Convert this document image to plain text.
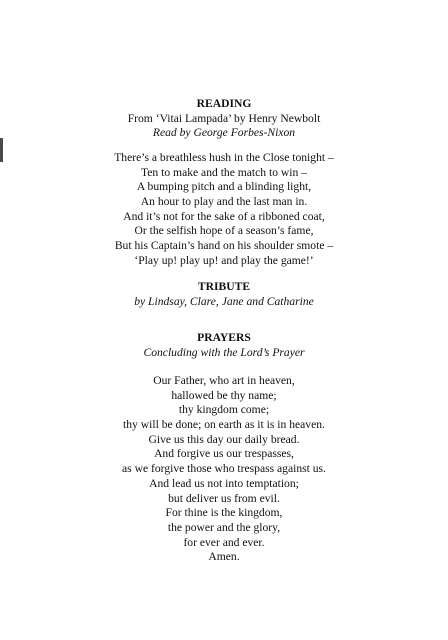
READING
From ‘Vitai Lampada’ by Henry Newbolt
Read by George Forbes-Nixon
There’s a breathless hush in the Close tonight –
Ten to make and the match to win –
A bumping pitch and a blinding light,
An hour to play and the last man in.
And it’s not for the sake of a ribboned coat,
Or the selfish hope of a season’s fame,
But his Captain’s hand on his shoulder smote –
‘Play up! play up! and play the game!’
TRIBUTE
by Lindsay, Clare, Jane and Catharine
PRAYERS
Concluding with the Lord’s Prayer
Our Father, who art in heaven,
hallowed be thy name;
thy kingdom come;
thy will be done; on earth as it is in heaven.
Give us this day our daily bread.
And forgive us our trespasses,
as we forgive those who trespass against us.
And lead us not into temptation;
but deliver us from evil.
For thine is the kingdom,
the power and the glory,
for ever and ever.
Amen.
